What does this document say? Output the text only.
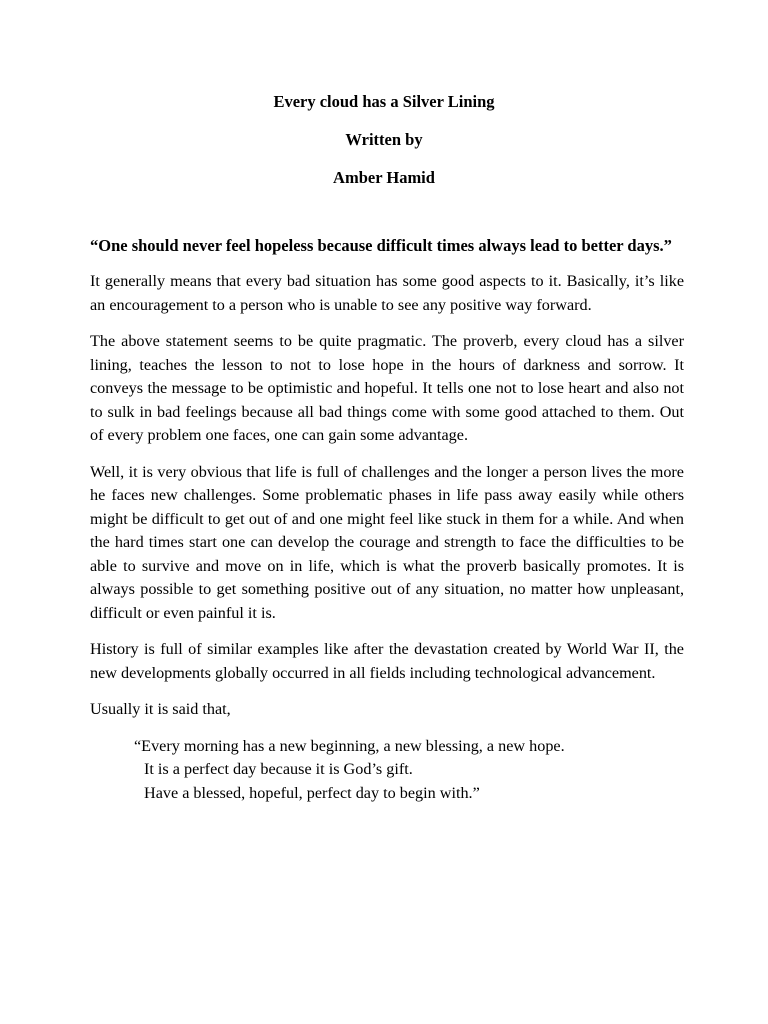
Every cloud has a Silver Lining
Written by
Amber Hamid

“One should never feel hopeless because difficult times always lead to better days.”

It generally means that every bad situation has some good aspects to it. Basically, it’s like an encouragement to a person who is unable to see any positive way forward.

The above statement seems to be quite pragmatic. The proverb, every cloud has a silver lining, teaches the lesson to not to lose hope in the hours of darkness and sorrow. It conveys the message to be optimistic and hopeful. It tells one not to lose heart and also not to sulk in bad feelings because all bad things come with some good attached to them. Out of every problem one faces, one can gain some advantage.

Well, it is very obvious that life is full of challenges and the longer a person lives the more he faces new challenges. Some problematic phases in life pass away easily while others might be difficult to get out of and one might feel like stuck in them for a while. And when the hard times start one can develop the courage and strength to face the difficulties to be able to survive and move on in life, which is what the proverb basically promotes. It is always possible to get something positive out of any situation, no matter how unpleasant, difficult or even painful it is.

History is full of similar examples like after the devastation created by World War II, the new developments globally occurred in all fields including technological advancement.

Usually it is said that,

“Every morning has a new beginning, a new blessing, a new hope.
It is a perfect day because it is God’s gift.
Have a blessed, hopeful, perfect day to begin with.”
